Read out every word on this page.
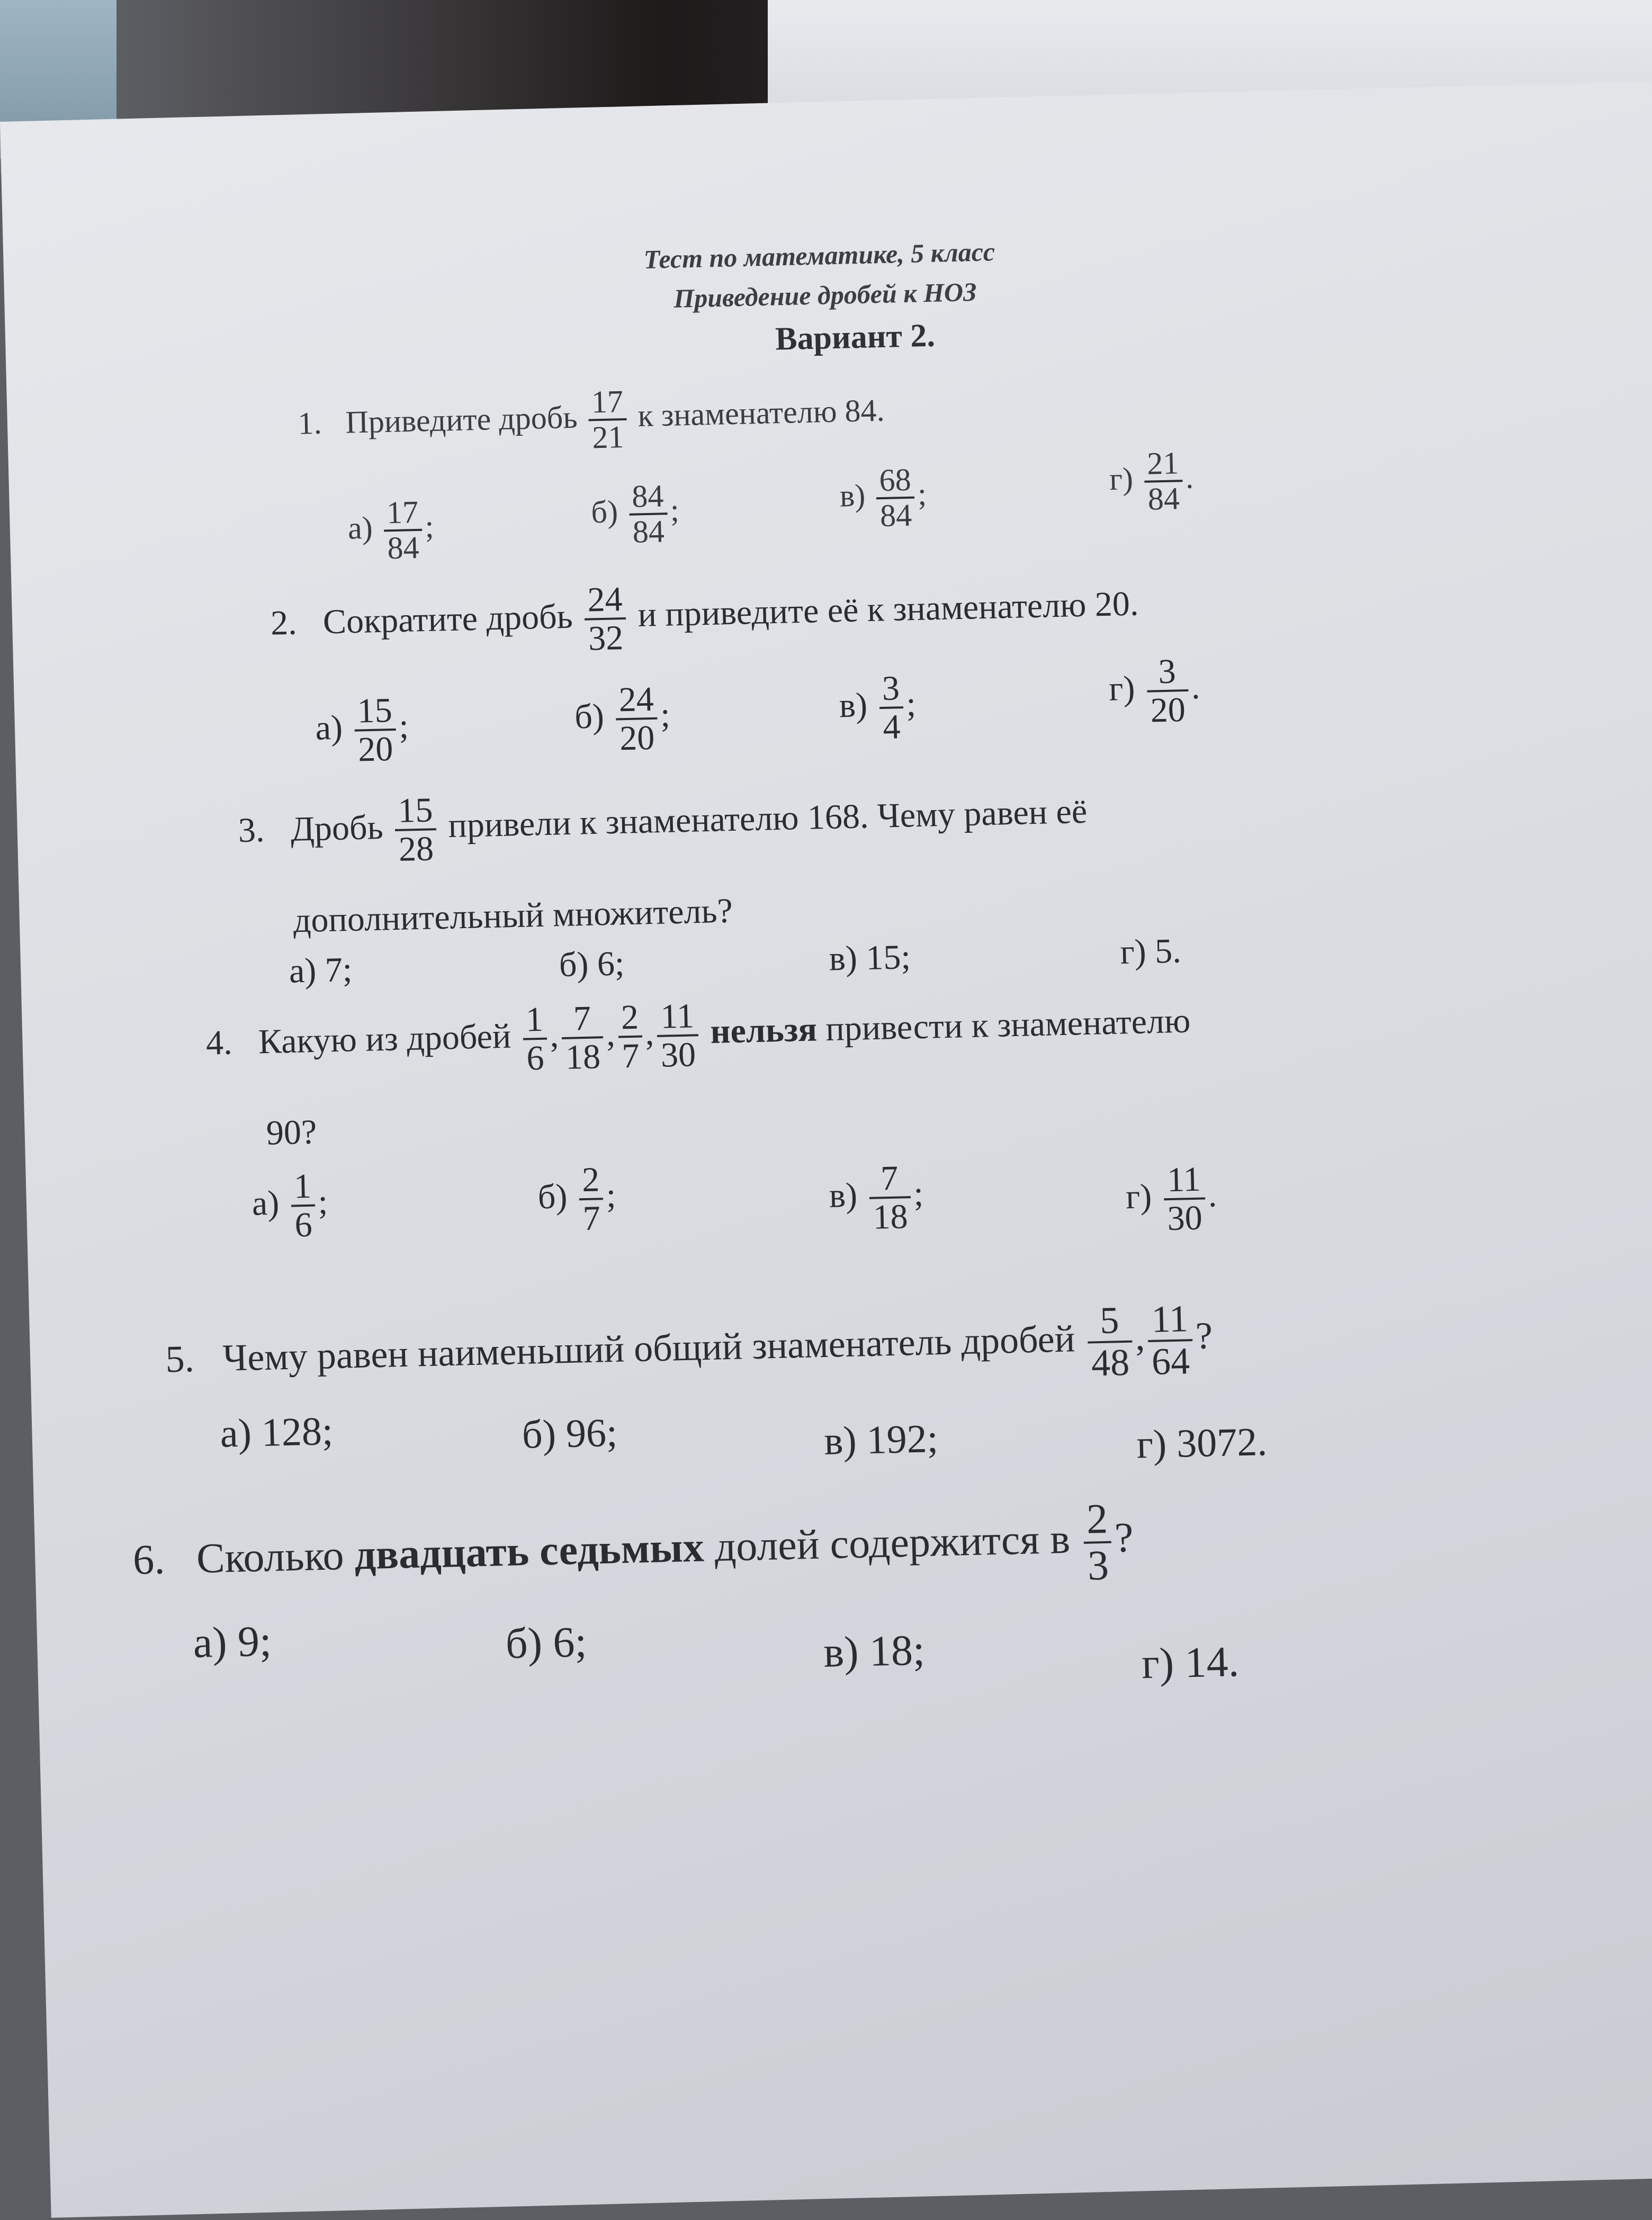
Тест по математике, 5 класс
Приведение дробей к НОЗ
Вариант 2.
1. Приведите дробь $\frac{17}{21}$ к знаменателю 84.
$а) \frac{17}{84}$ ;	$б) \frac{84}{84}$ ;	$в) \frac{68}{84}$ ;	$г) \frac{21}{84}$ .
2. Сократите дробь $\frac{24}{32}$ и приведите её к знаменателю 20.
$а) \frac{15}{20}$ ;	$б) \frac{24}{20}$ ;	$в) \frac{3}{4}$ ;	$г) \frac{3}{20}$ .
3. Дробь $\frac{15}{28}$ привели к знаменателю 168. Чему равен её
дополнительный множитель?
а) 7;	б) 6;	в) 15;	г) 5.
4. Какую из дробей $\frac{1}{6}$ , $\frac{7}{18}$ , $\frac{2}{7}$ , $\frac{11}{30}$ нельзя привести к знаменателю
90?
$а) \frac{1}{6}$ ;	$б) \frac{2}{7}$ ;	$в) \frac{7}{18}$ ;	$г) \frac{11}{30}$ .
5. Чему равен наименьший общий знаменатель дробей $\frac{5}{48}$ , $\frac{11}{64}$ ?
а) 128;	б) 96;	в) 192;	г) 3072.
6. Сколько двадцать седьмых долей содержится в $\frac{2}{3}$ ?
а) 9;	б) 6;	в) 18;	г) 14.
